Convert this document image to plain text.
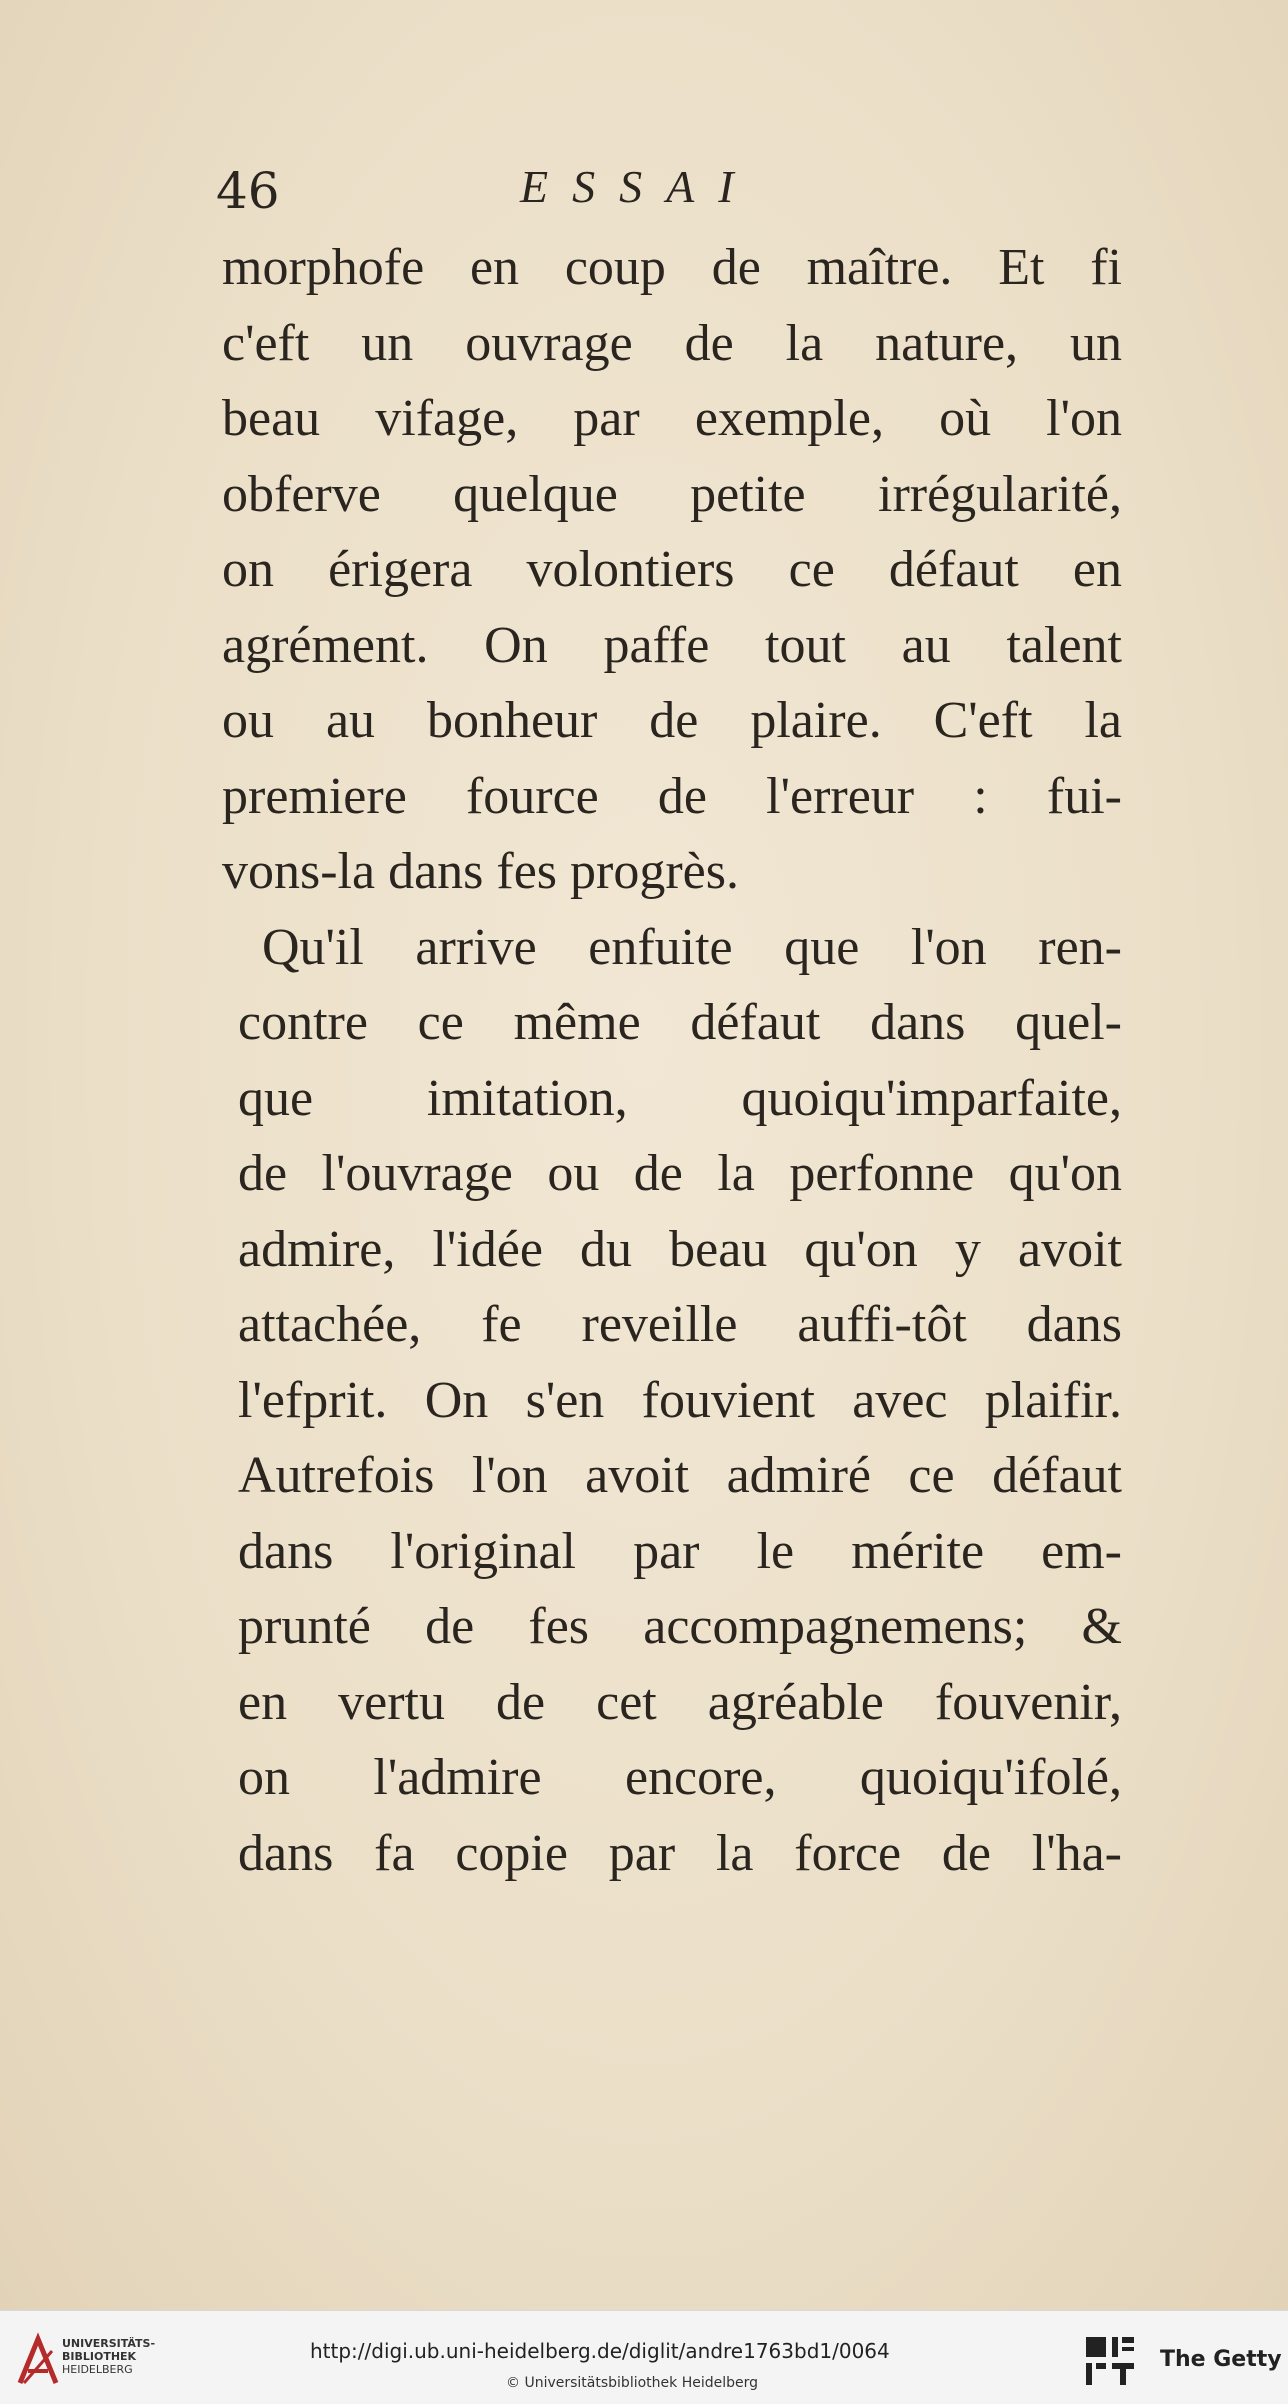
46	ESSAI
morphofe en coup de maître. Et fi
c'eft un ouvrage de la nature, un
beau vifage, par exemple, où l'on
obferve quelque petite irrégularité,
on érigera volontiers ce défaut en
agrément. On paffe tout au talent
ou au bonheur de plaire. C'eft la
premiere fource de l'erreur : fui-
vons-la dans fes progrès.
Qu'il arrive enfuite que l'on ren-
contre ce même défaut dans quel-
que imitation, quoiqu'imparfaite,
de l'ouvrage ou de la perfonne qu'on
admire, l'idée du beau qu'on y avoit
attachée, fe reveille auffi-tôt dans
l'efprit. On s'en fouvient avec plaifir.
Autrefois l'on avoit admiré ce défaut
dans l'original par le mérite em-
prunté de fes accompagnemens; &
en vertu de cet agréable fouvenir,
on l'admire encore, quoiqu'ifolé,
dans fa copie par la force de l'ha-
UNIVERSITÄTS-
BIBLIOTHEK
HEIDELBERG
http://digi.ub.uni-heidelberg.de/diglit/andre1763bd1/0064
© Universitätsbibliothek Heidelberg
The Getty
